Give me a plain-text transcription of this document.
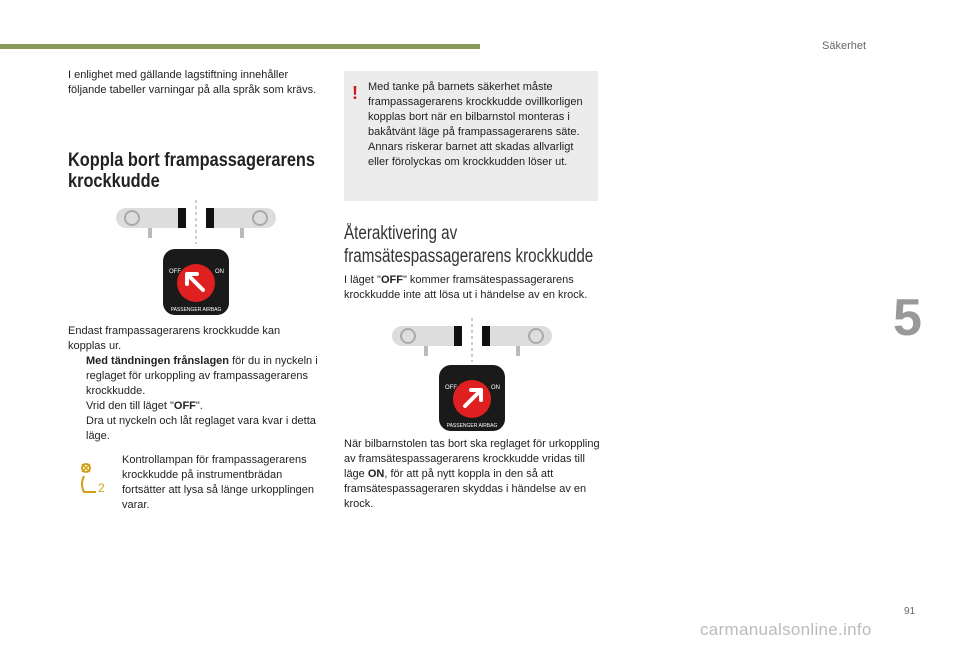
Säkerhet
5
91
I enlighet med gällande lagstiftning innehåller följande tabeller varningar på alla språk som krävs.
Koppla bort frampassagerarens krockkudde
OFF	ON
PASSENGER AIRBAG
Endast frampassagerarens krockkudde kan kopplas ur.
Med tändningen frånslagen för du in nyckeln i reglaget för urkoppling av frampassagerarens krockkudde.
Vrid den till läget "OFF".
Dra ut nyckeln och låt reglaget vara kvar i detta läge.
2
Kontrollampan för frampassagerarens krockkudde på instrumentbrädan fortsätter att lysa så länge urkopplingen varar.
! Med tanke på barnets säkerhet måste frampassagerarens krockkudde ovillkorligen kopplas bort när en bilbarnstol monteras i bakåtvänt läge på frampassagerarens säte. Annars riskerar barnet att skadas allvarligt eller förolyckas om krockkudden löser ut.
Återaktivering av framsätespassagerarens krockkudde
I läget "OFF" kommer framsätespassagerarens krockkudde inte att lösa ut i händelse av en krock.
OFF	ON
PASSENGER AIRBAG
När bilbarnstolen tas bort ska reglaget för urkoppling av framsätespassagerarens krockkudde vridas till läge ON, för att på nytt koppla in den så att framsätespassageraren skyddas i händelse av en krock.
carmanualsonline.info
